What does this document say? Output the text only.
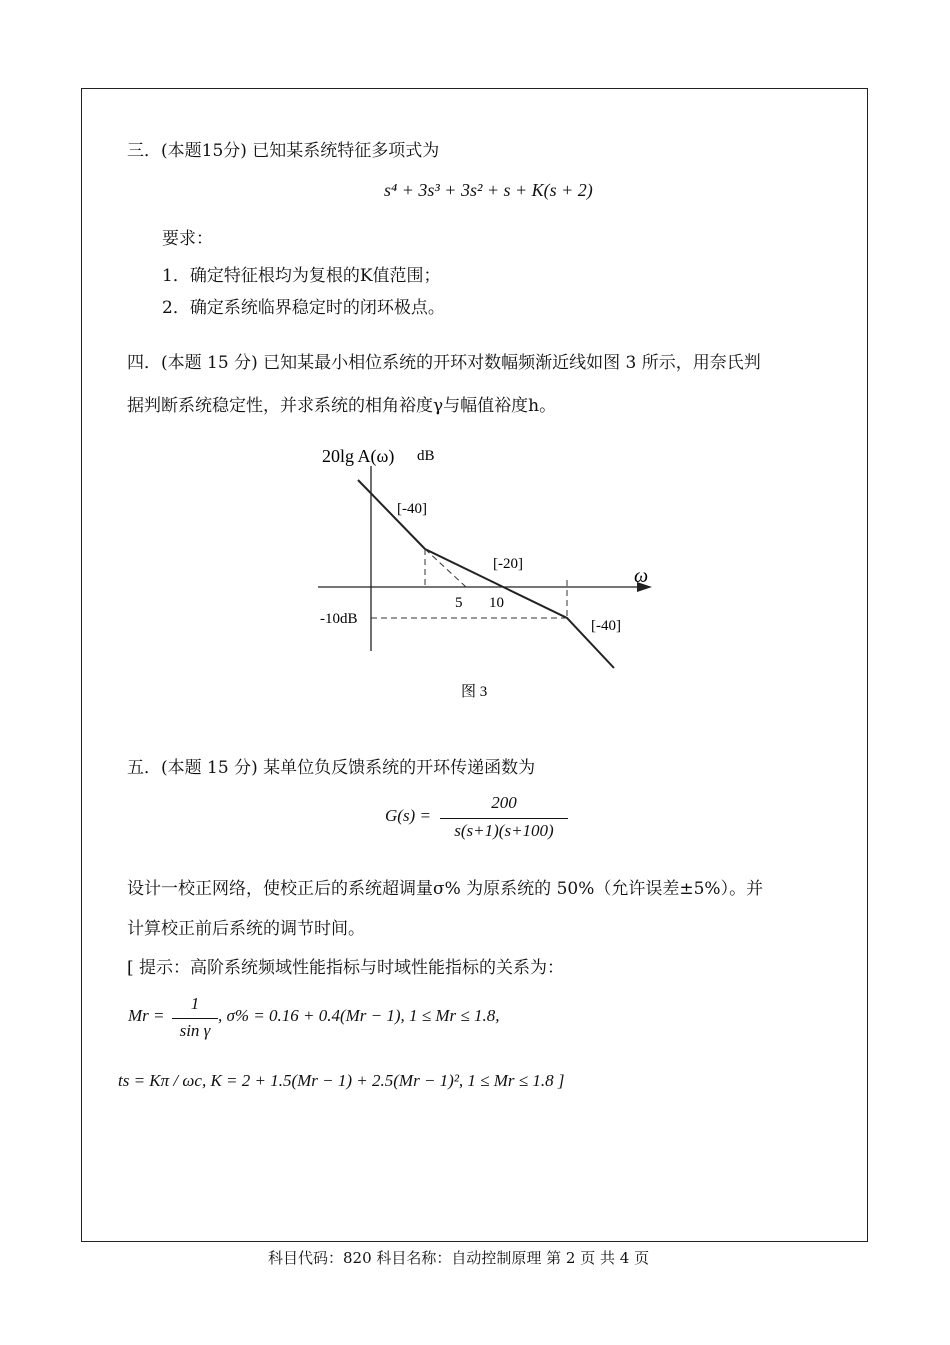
三．(本题15分) 已知某系统特征多项式为
s⁴ + 3s³ + 3s² + s + K(s + 2)
要求：
1．确定特征根均为复根的K值范围；
2．确定系统临界稳定时的闭环极点。
四．(本题 15 分) 已知某最小相位系统的开环对数幅频渐近线如图 3 所示，用奈氏判
据判断系统稳定性，并求系统的相角裕度γ与幅值裕度h。
20lg A(ω) dB
[-40]
[-20]
[-40]
5 10
-10dB
ω
图 3
五．(本题 15 分) 某单位负反馈系统的开环传递函数为
G(s) =
200
s(s+1)(s+100)
设计一校正网络，使校正后的系统超调量σ% 为原系统的 50%（允许误差±5%）。并
计算校正前后系统的调节时间。
[ 提示：高阶系统频域性能指标与时域性能指标的关系为：
Mr =
1
sin γ
, σ% = 0.16 + 0.4(Mr − 1), 1 ≤ Mr ≤ 1.8,
ts = Kπ / ωc, K = 2 + 1.5(Mr − 1) + 2.5(Mr − 1)², 1 ≤ Mr ≤ 1.8 ]
科目代码：820 科目名称：自动控制原理 第 2 页 共 4 页
